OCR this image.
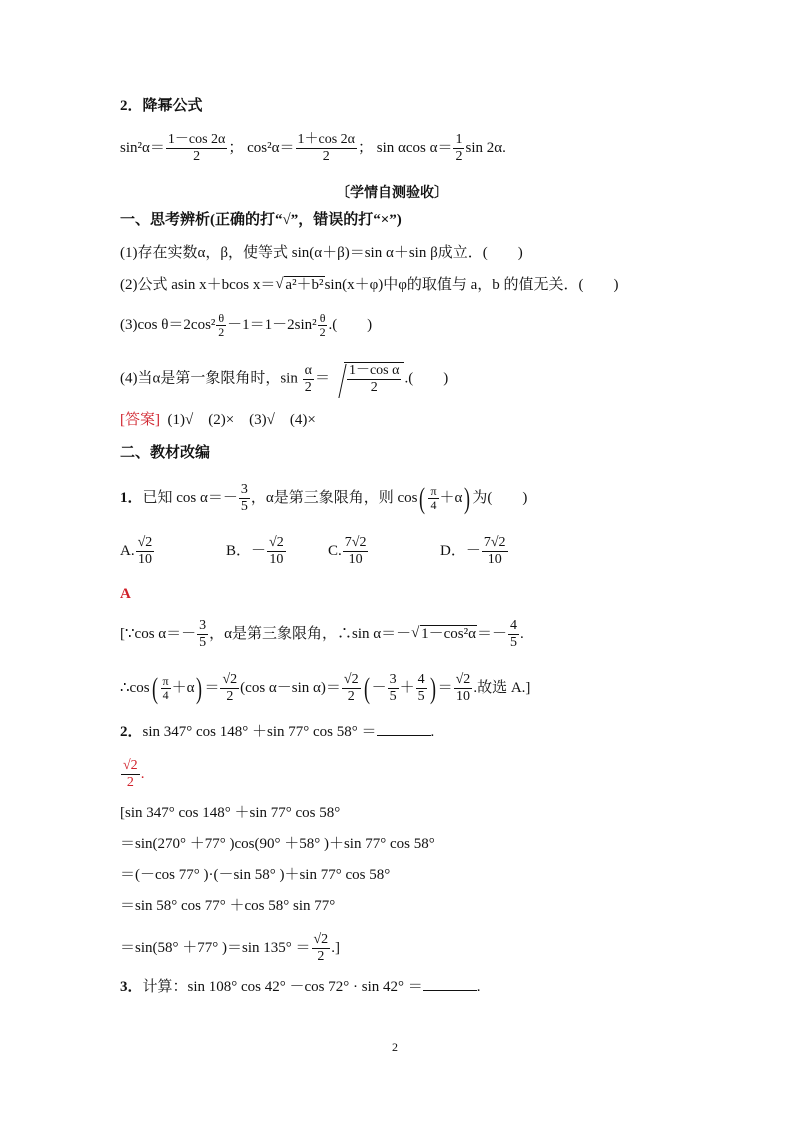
2．降幂公式
$\sin^2\alpha= \frac{1-\cos 2\alpha}{2}$ ； $\cos^2\alpha= \frac{1+\cos 2\alpha}{2}$ ； sin αcos $\alpha= \frac{1}{2}$ sin 2α.
〔学情自测验收〕
一、思考辨析(正确的打“√”，错误的打“×”)
(1)存在实数α，β，使等式 sin(α＋β)＝sin α＋sin β成立．(　　)
(2)公式 asin x＋bcos x＝ √ a²＋b²sin(x＋φ)中φ的取值与 a，b 的值无关．(　　)
(3)cos $\theta=2\cos^2 \frac{\theta}{2} -1=1-2\sin^2 \frac{\theta}{2}$ .(　　)
(4)当α是第一象限角时，$\sin \frac{\alpha}{2} = \frac{\text{1－cos α}}{2}$ .(　　)
[答案] (1)√　(2)×　(3)√　(4)×
二、教材改编
1．已知 $\cos \alpha=- \frac{3}{5}$ ，α是第三象限角，则 $\cos( \frac{\pi}{4} +\alpha)$ 为(　　)
A. $\frac{√2}{10}$	B．－ $\frac{√2}{10}$	C. $\frac{7√2}{10}$	D．－ $\frac{7√2}{10}$
A
[∵cos $\alpha=- \frac{3}{5}$ ，α是第三象限角，∴sin α＝－ √ $1-\cos^2\alpha=- \frac{4}{5}$ .
∴cos( $\frac{\pi}{4} +\alpha) = \frac{√2}{2} (\cos$ α－sin $\alpha)= \frac{√2}{2}$ ( － $\frac{3}{5} + \frac{4}{5}$ ) ＝ $\frac{√2}{10}$ .故选 A.]
2．sin 347° cos 148° ＋sin 77° cos 58° ＝	.
$\frac{√2}{2}$ .
[sin 347° cos 148° ＋sin 77° cos 58°
＝sin(270° ＋77° )cos(90° ＋58° )＋sin 77° cos 58°
＝(－cos 77° )·(－sin 58° )＋sin 77° cos 58°
＝sin 58° cos 77° ＋cos 58° sin 77°
＝sin(58° ＋77° )＝sin $135^\circ = \frac{√2}{2}$ .]
3．计算：sin 108° cos 42° －cos 72° · sin 42° ＝	.
2
